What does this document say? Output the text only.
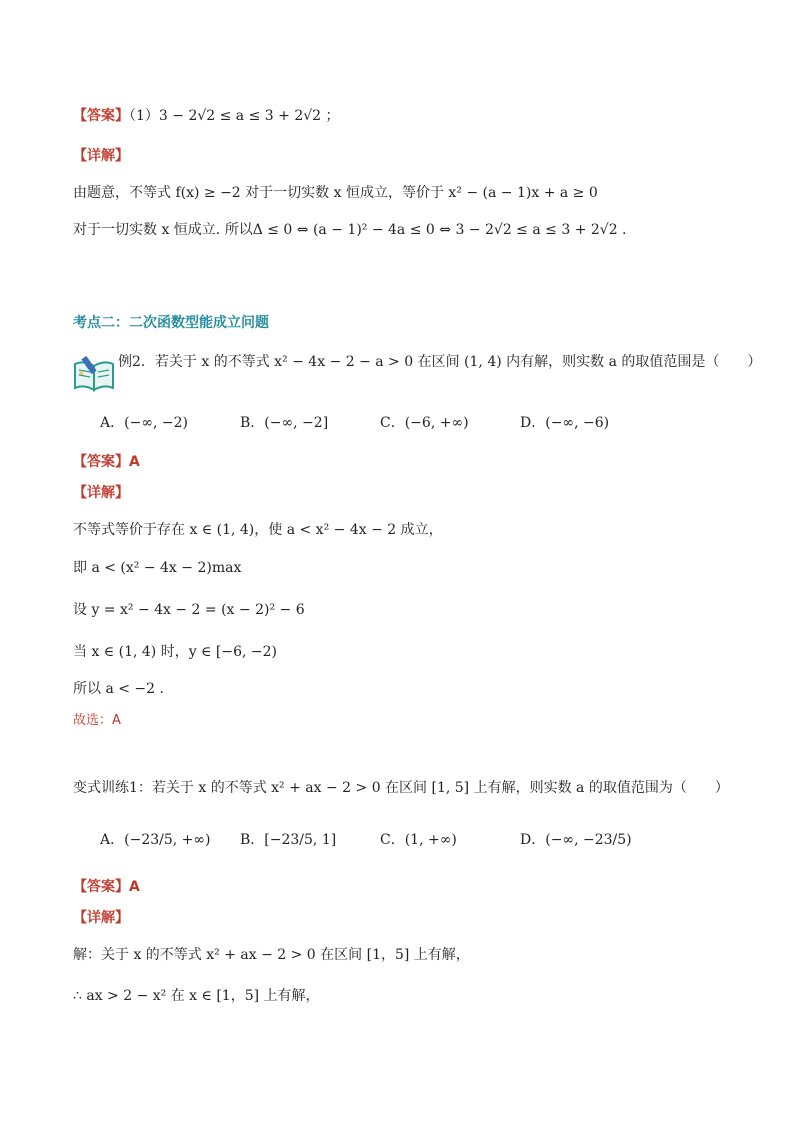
【答案】（1）3 − 2√2 ≤ a ≤ 3 + 2√2 ；
【详解】
由题意，不等式 f(x) ≥ −2 对于一切实数 x 恒成立，等价于 x² − (a − 1)x + a ≥ 0
对于一切实数 x 恒成立. 所以Δ ≤ 0 ⇔ (a − 1)² − 4a ≤ 0 ⇔ 3 − 2√2 ≤ a ≤ 3 + 2√2 .
考点二：二次函数型能成立问题
例2．若关于 x 的不等式 x² − 4x − 2 − a > 0 在区间 (1, 4) 内有解，则实数 a 的取值范围是（　　）
A．(−∞, −2)	B．(−∞, −2]	C．(−6, +∞)	D．(−∞, −6)
【答案】A
【详解】
不等式等价于存在 x ∈ (1, 4)，使 a < x² − 4x − 2 成立，
即 a < (x² − 4x − 2)max
设 y = x² − 4x − 2 = (x − 2)² − 6
当 x ∈ (1, 4) 时，y ∈ [−6, −2)
所以 a < −2 .
故选：A
变式训练1：若关于 x 的不等式 x² + ax − 2 > 0 在区间 [1, 5] 上有解，则实数 a 的取值范围为（　　）
A．(−23/5, +∞) B．[−23/5, 1]	C．(1, +∞)	D．(−∞, −23/5)
【答案】A
【详解】
解：关于 x 的不等式 x² + ax − 2 > 0 在区间 [1，5] 上有解，
∴ ax > 2 − x² 在 x ∈ [1，5] 上有解，
